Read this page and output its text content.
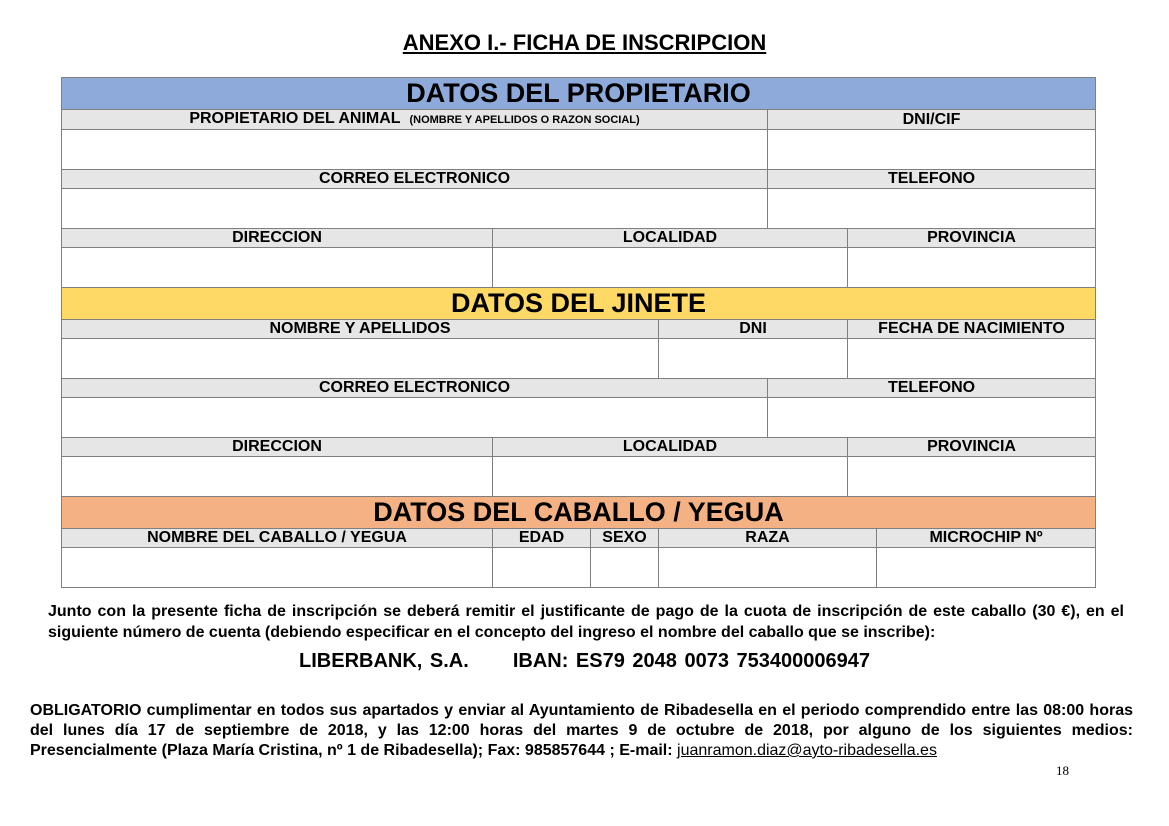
ANEXO I.- FICHA DE INSCRIPCION
DATOS DEL PROPIETARIO						
PROPIETARIO DEL ANIMAL (NOMBRE Y APELLIDOS O RAZON SOCIAL)				DNI/CIF		

CORREO ELECTRONICO				TELEFONO		

DIRECCION	LOCALIDAD				PROVINCIA	

DATOS DEL JINETE						
NOMBRE Y APELLIDOS			DNI		FECHA DE NACIMIENTO	

CORREO ELECTRONICO				TELEFONO		

DIRECCION	LOCALIDAD				PROVINCIA	

DATOS DEL CABALLO / YEGUA						
NOMBRE DEL CABALLO / YEGUA	EDAD	SEXO	RAZA			MICROCHIP Nº

Junto con la presente ficha de inscripción se deberá remitir el justificante de pago de la cuota de inscripción de este caballo (30 €), en el siguiente número de cuenta (debiendo especificar en el concepto del ingreso el nombre del caballo que se inscribe):
LIBERBANK, S.A. IBAN: ES79 2048 0073 753400006947
OBLIGATORIO cumplimentar en todos sus apartados y enviar al Ayuntamiento de Ribadesella en el periodo comprendido entre las 08:00 horas del lunes día 17 de septiembre de 2018, y las 12:00 horas del martes 9 de octubre de 2018, por alguno de los siguientes medios: Presencialmente (Plaza María Cristina, nº 1 de Ribadesella); Fax: 985857644 ; E-mail: juanramon.diaz@ayto-ribadesella.es
18
